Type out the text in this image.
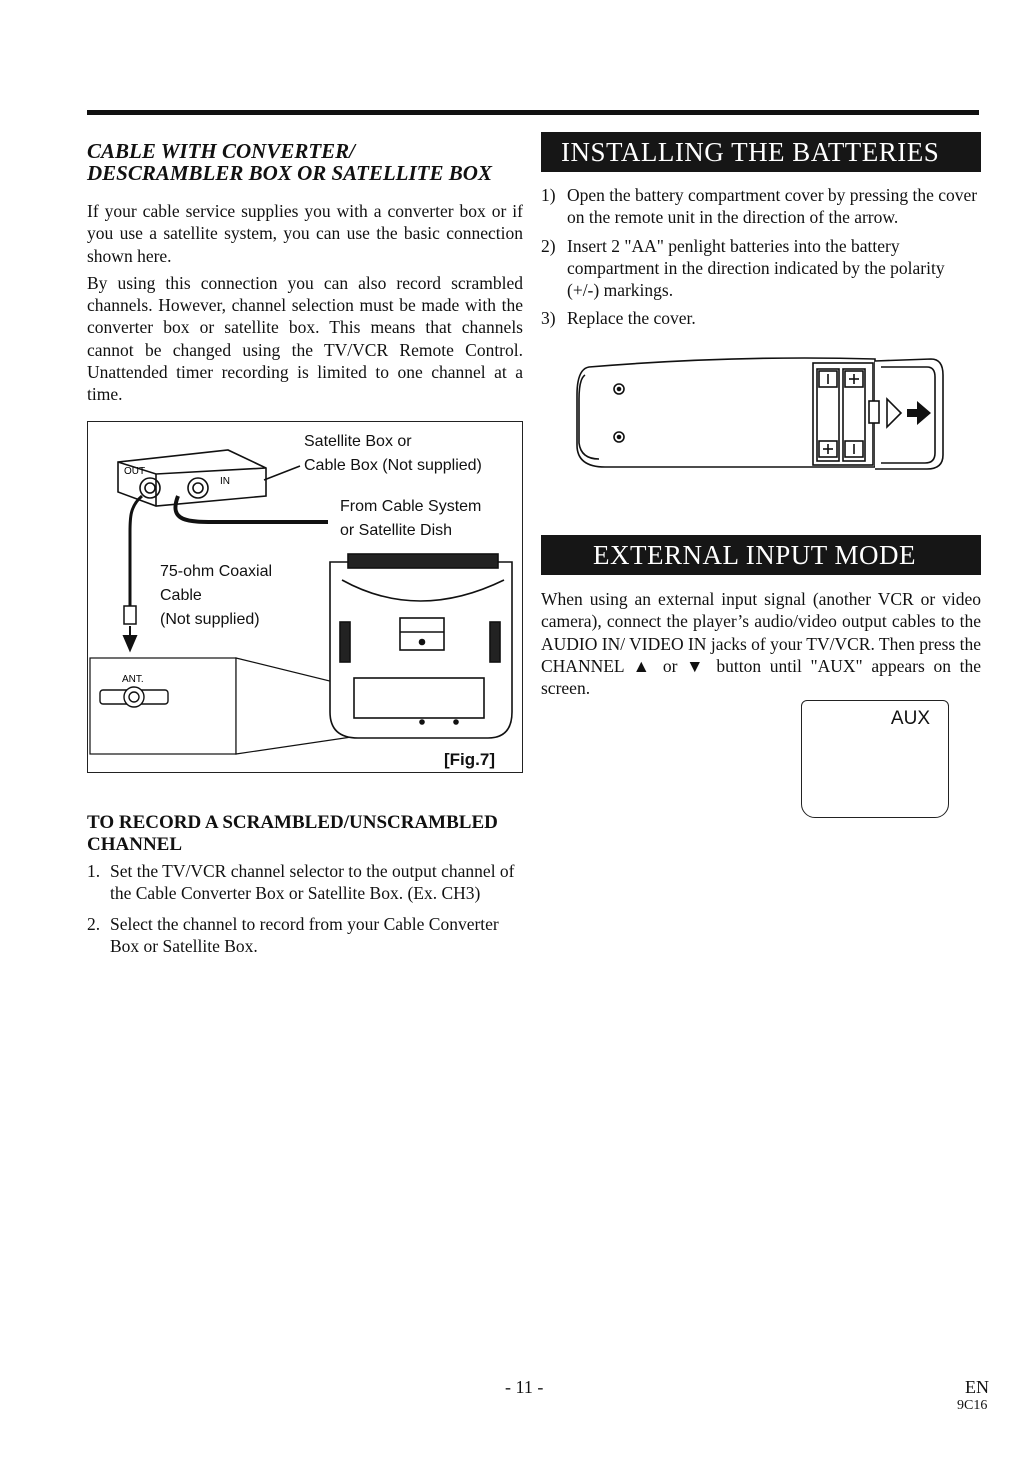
CABLE WITH CONVERTER/
DESCRAMBLER BOX OR SATELLITE BOX

If your cable service supplies you with a converter box or if you use a satellite system, you can use the basic connection shown here.

By using this connection you can also record scrambled channels. However, channel selection must be made with the converter box or satellite box. This means that channels cannot be changed using the TV/VCR Remote Control. Unattended timer recording is limited to one channel at a time.

OUT
IN
ANT.
Satellite Box or
Cable Box (Not supplied)
From Cable System
or Satellite Dish
75-ohm Coaxial
Cable
(Not supplied)
[Fig.7]
TO RECORD A SCRAMBLED/UNSCRAMBLED
CHANNEL
1. Set the TV/VCR channel selector to the output channel of the Cable Converter Box or Satellite Box. (Ex. CH3)
2. Select the channel to record from your Cable Converter Box or Satellite Box.
INSTALLING THE BATTERIES
1) Open the battery compartment cover by pressing the cover on the remote unit in the direction of the arrow.
2) Insert 2 "AA" penlight batteries into the battery compartment in the direction indicated by the polarity (+/-) markings.
3) Replace the cover.
EXTERNAL INPUT MODE

When using an external input signal (another VCR or video camera), connect the player’s audio/video output cables to the AUDIO IN/ VIDEO IN jacks of your TV/VCR. Then press the CHANNEL ▲ or ▼ button until "AUX" appears on the screen.

AUX
- 11 -	EN
9C16
